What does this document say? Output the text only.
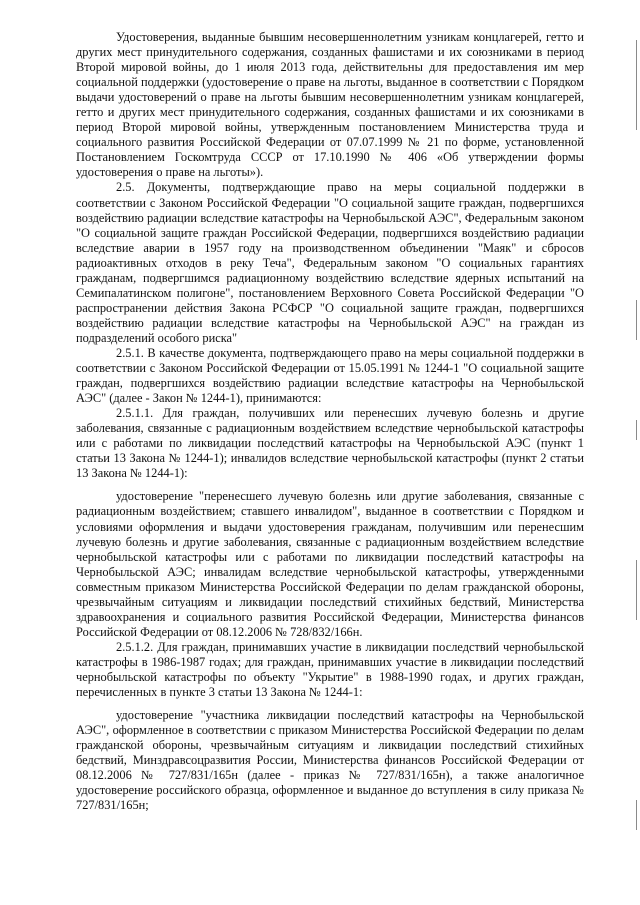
Удостоверения, выданные бывшим несовершеннолетним узникам концлагерей, гетто и других мест принудительного содержания, созданных фашистами и их союзниками в период Второй мировой войны, до 1 июля 2013 года, действительны для предоставления им мер социальной поддержки (удостоверение о праве на льготы, выданное в соответствии с Порядком выдачи удостоверений о праве на льготы бывшим несовершеннолетним узникам концлагерей, гетто и других мест принудительного содержания, созданных фашистами и их союзниками в период Второй мировой войны, утвержденным постановлением Министерства труда и социального развития Российской Федерации от 07.07.1999 № 21 по форме, установленной Постановлением Госкомтруда СССР от 17.10.1990 № 406 «Об утверждении формы удостоверения о праве на льготы»).

2.5. Документы, подтверждающие право на меры социальной поддержки в соответствии с Законом Российской Федерации "О социальной защите граждан, подвергшихся воздействию радиации вследствие катастрофы на Чернобыльской АЭС", Федеральным законом "О социальной защите граждан Российской Федерации, подвергшихся воздействию радиации вследствие аварии в 1957 году на производственном объединении "Маяк" и сбросов радиоактивных отходов в реку Теча", Федеральным законом "О социальных гарантиях гражданам, подвергшимся радиационному воздействию вследствие ядерных испытаний на Семипалатинском полигоне", постановлением Верховного Совета Российской Федерации "О распространении действия Закона РСФСР "О социальной защите граждан, подвергшихся воздействию радиации вследствие катастрофы на Чернобыльской АЭС" на граждан из подразделений особого риска"

2.5.1. В качестве документа, подтверждающего право на меры социальной поддержки в соответствии с Законом Российской Федерации от 15.05.1991 № 1244-1 "О социальной защите граждан, подвергшихся воздействию радиации вследствие катастрофы на Чернобыльской АЭС" (далее - Закон № 1244-1), принимаются:

2.5.1.1. Для граждан, получивших или перенесших лучевую болезнь и другие заболевания, связанные с радиационным воздействием вследствие чернобыльской катастрофы или с работами по ликвидации последствий катастрофы на Чернобыльской АЭС (пункт 1 статьи 13 Закона № 1244-1); инвалидов вследствие чернобыльской катастрофы (пункт 2 статьи 13 Закона № 1244-1):

удостоверение "перенесшего лучевую болезнь или другие заболевания, связанные с радиационным воздействием; ставшего инвалидом", выданное в соответствии с Порядком и условиями оформления и выдачи удостоверения гражданам, получившим или перенесшим лучевую болезнь и другие заболевания, связанные с радиационным воздействием вследствие чернобыльской катастрофы или с работами по ликвидации последствий катастрофы на Чернобыльской АЭС; инвалидам вследствие чернобыльской катастрофы, утвержденными совместным приказом Министерства Российской Федерации по делам гражданской обороны, чрезвычайным ситуациям и ликвидации последствий стихийных бедствий, Министерства здравоохранения и социального развития Российской Федерации, Министерства финансов Российской Федерации от 08.12.2006 № 728/832/166н.

2.5.1.2. Для граждан, принимавших участие в ликвидации последствий чернобыльской катастрофы в 1986-1987 годах; для граждан, принимавших участие в ликвидации последствий чернобыльской катастрофы по объекту "Укрытие" в 1988-1990 годах, и других граждан, перечисленных в пункте 3 статьи 13 Закона № 1244-1:

удостоверение "участника ликвидации последствий катастрофы на Чернобыльской АЭС", оформленное в соответствии с приказом Министерства Российской Федерации по делам гражданской обороны, чрезвычайным ситуациям и ликвидации последствий стихийных бедствий, Минздравсоцразвития России, Министерства финансов Российской Федерации от 08.12.2006 № 727/831/165н (далее - приказ № 727/831/165н), а также аналогичное удостоверение российского образца, оформленное и выданное до вступления в силу приказа № 727/831/165н;
